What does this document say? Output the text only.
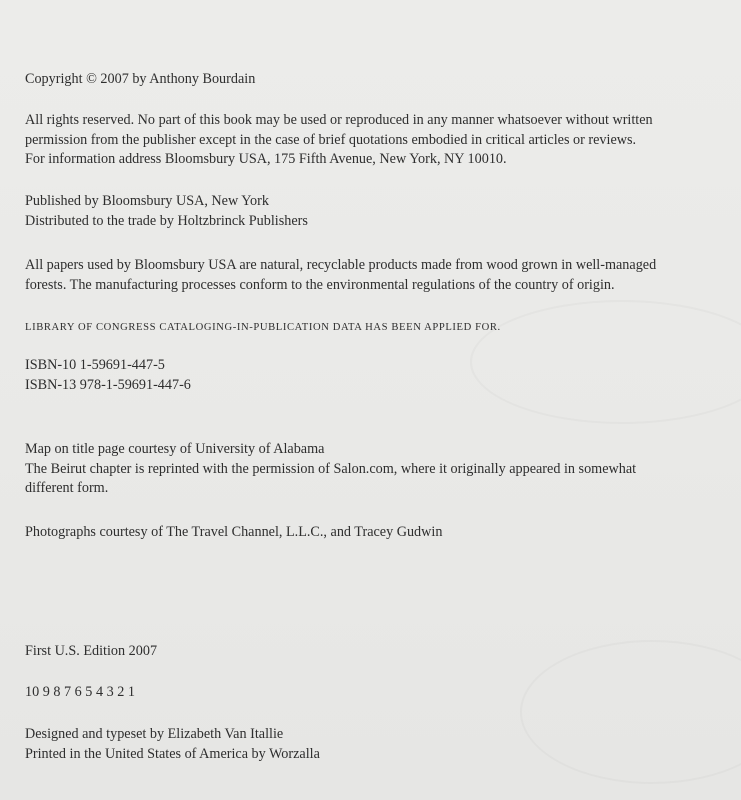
Copyright © 2007 by Anthony Bourdain
All rights reserved. No part of this book may be used or reproduced in any manner whatsoever without written
permission from the publisher except in the case of brief quotations embodied in critical articles or reviews.
For information address Bloomsbury USA, 175 Fifth Avenue, New York, NY 10010.
Published by Bloomsbury USA, New York
Distributed to the trade by Holtzbrinck Publishers
All papers used by Bloomsbury USA are natural, recyclable products made from wood grown in well-managed
forests. The manufacturing processes conform to the environmental regulations of the country of origin.
LIBRARY OF CONGRESS CATALOGING-IN-PUBLICATION DATA HAS BEEN APPLIED FOR.
ISBN-10 1-59691-447-5
ISBN-13 978-1-59691-447-6
Map on title page courtesy of University of Alabama
The Beirut chapter is reprinted with the permission of Salon.com, where it originally appeared in somewhat
different form.
Photographs courtesy of The Travel Channel, L.L.C., and Tracey Gudwin
First U.S. Edition 2007
10 9 8 7 6 5 4 3 2 1
Designed and typeset by Elizabeth Van Itallie
Printed in the United States of America by Worzalla
